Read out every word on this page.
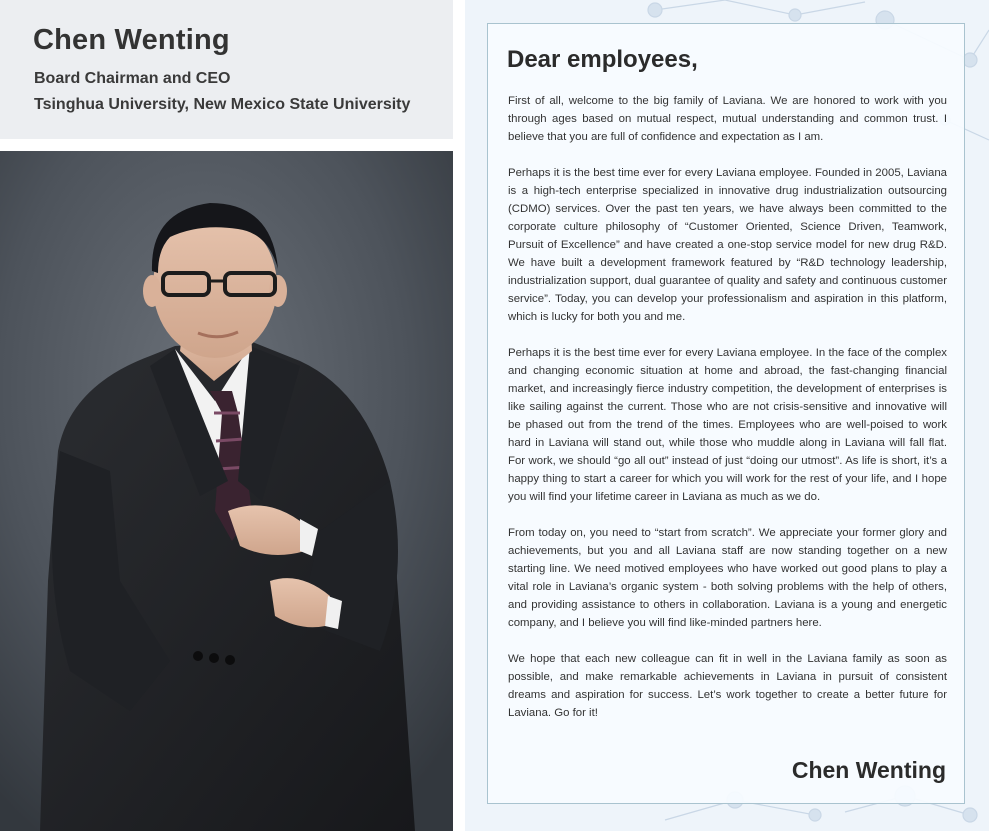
Chen Wenting
Board Chairman and CEO
Tsinghua University, New Mexico State University
Dear employees,

First of all, welcome to the big family of Laviana. We are honored to work with you through ages based on mutual respect, mutual understanding and common trust. I believe that you are full of confidence and expectation as I am.

Perhaps it is the best time ever for every Laviana employee. Founded in 2005, Laviana is a high-tech enterprise specialized in innovative drug industrialization outsourcing (CDMO) services. Over the past ten years, we have always been committed to the corporate culture philosophy of “Customer Oriented, Science Driven, Teamwork, Pursuit of Excellence” and have created a one-stop service model for new drug R&D. We have built a development framework featured by “R&D technology leadership, industrialization support, dual guarantee of quality and safety and continuous customer service”. Today, you can develop your professionalism and aspiration in this platform, which is lucky for both you and me.

Perhaps it is the best time ever for every Laviana employee. In the face of the complex and changing economic situation at home and abroad, the fast-changing financial market, and increasingly fierce industry competition, the development of enterprises is like sailing against the current. Those who are not crisis-sensitive and innovative will be phased out from the trend of the times. Employees who are well-poised to work hard in Laviana will stand out, while those who muddle along in Laviana will fall flat. For work, we should “go all out” instead of just “doing our utmost”. As life is short, it’s a happy thing to start a career for which you will work for the rest of your life, and I hope you will find your lifetime career in Laviana as much as we do.

From today on, you need to “start from scratch”. We appreciate your former glory and achievements, but you and all Laviana staff are now standing together on a new starting line. We need motived employees who have worked out good plans to play a vital role in Laviana’s organic system - both solving problems with the help of others, and providing assistance to others in collaboration. Laviana is a young and energetic company, and I believe you will find like-minded partners here.

We hope that each new colleague can fit in well in the Laviana family as soon as possible, and make remarkable achievements in Laviana in pursuit of consistent dreams and aspiration for success. Let’s work together to create a better future for Laviana. Go for it!

Chen Wenting
